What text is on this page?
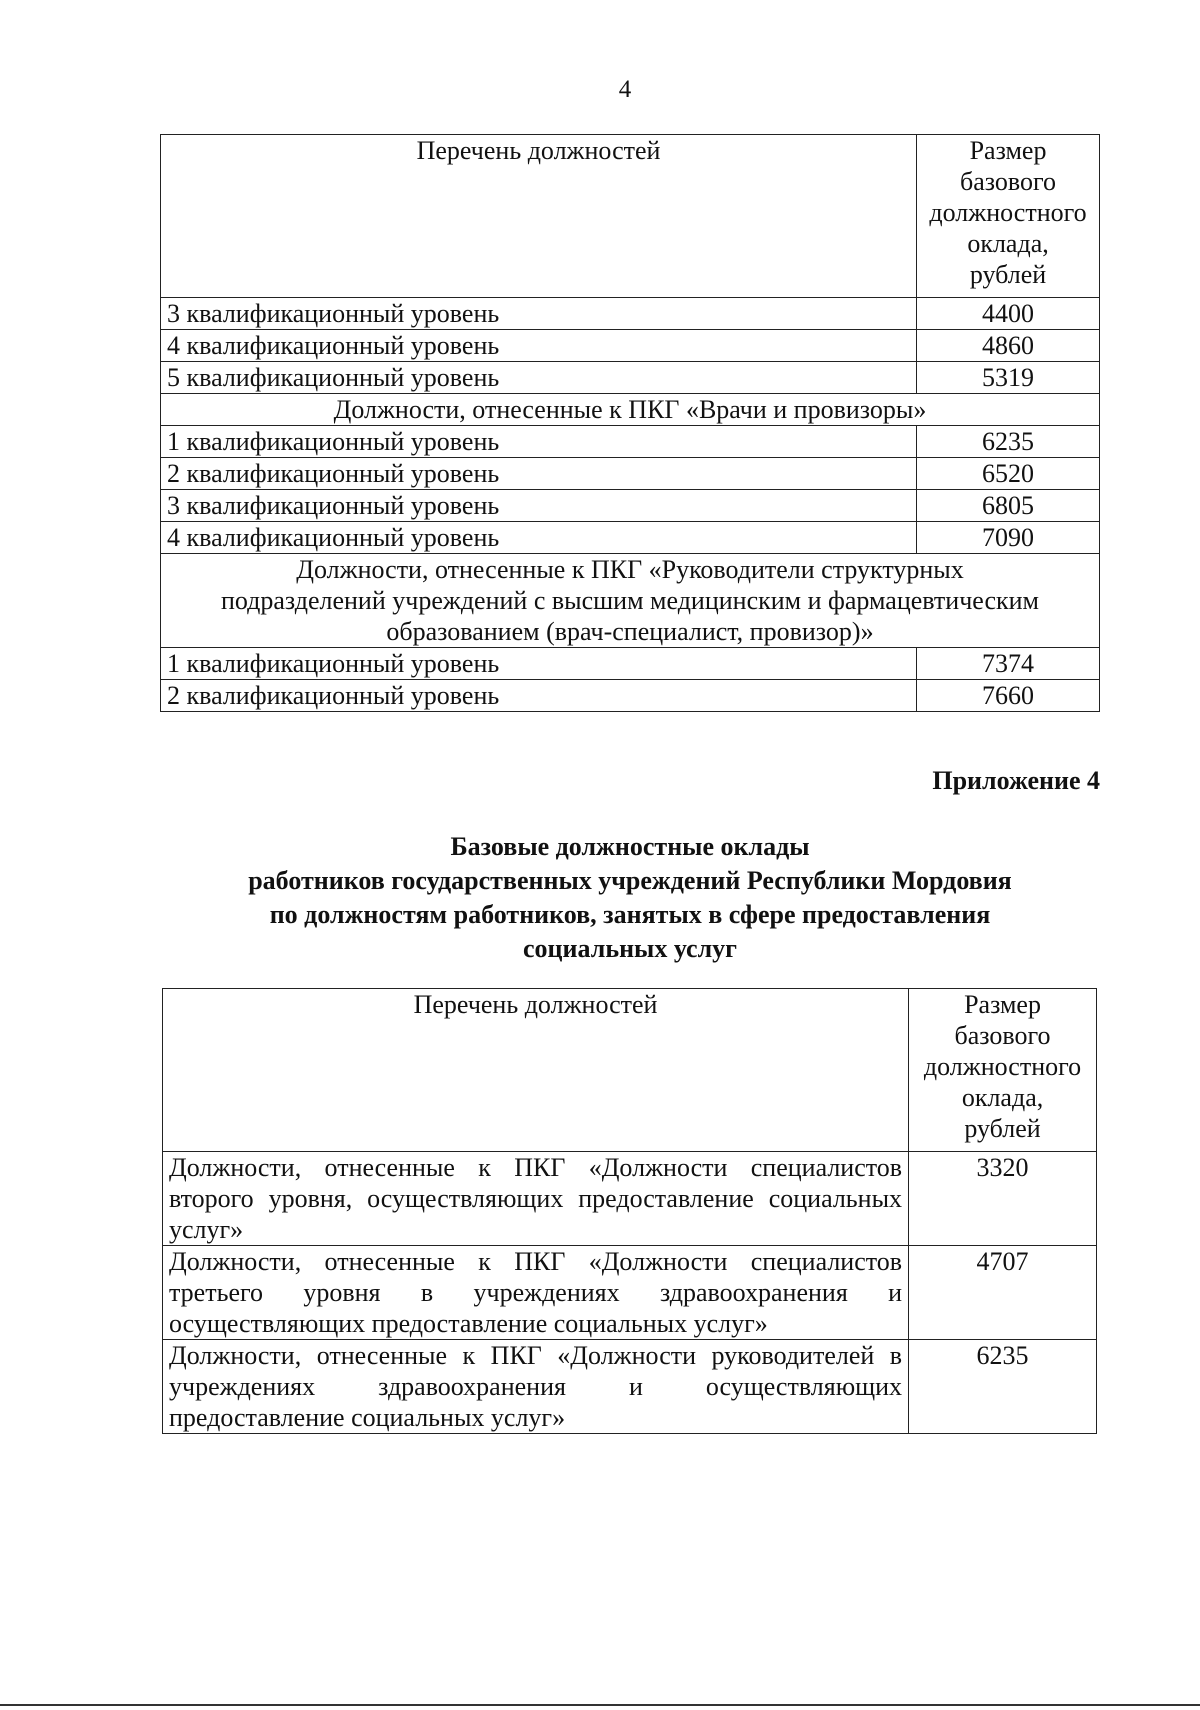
4
Перечень должностей	Размер
базового
должностного
оклада,
рублей

3 квалификационный уровень	4400
4 квалификационный уровень	4860
5 квалификационный уровень	5319

Должности, отнесенные к ПКГ «Врачи и провизоры»	

1 квалификационный уровень	6235
2 квалификационный уровень	6520
3 квалификационный уровень	6805
4 квалификационный уровень	7090

Должности, отнесенные к ПКГ «Руководители структурных
подразделений учреждений с высшим медицинским и фармацевтическим
образованием (врач-специалист, провизор)»	

1 квалификационный уровень	7374
2 квалификационный уровень	7660
Приложение 4
Базовые должностные оклады
работников государственных учреждений Республики Мордовия
по должностям работников, занятых в сфере предоставления
социальных услуг
Перечень должностей	Размер
базового
должностного
оклада,
рублей

Должности, отнесенные к ПКГ «Должности специалистов второго уровня, осуществляющих предоставление социальных услуг»	3320
Должности, отнесенные к ПКГ «Должности специалистов третьего уровня в учреждениях здравоохранения и осуществляющих предоставление социальных услуг»	4707
Должности, отнесенные к ПКГ «Должности руководителей в учреждениях здравоохранения и осуществляющих предоставление социальных услуг»	6235
